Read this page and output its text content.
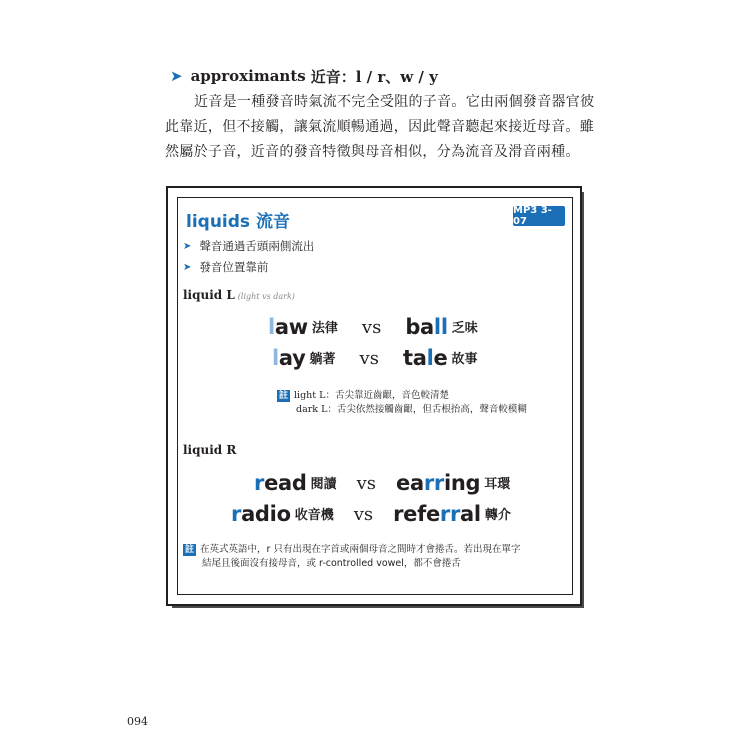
➤ approximants 近音 ：l / r、w / y
近音是一種發音時氣流不完全受阻的子音。它由兩個發音器官彼
此靠近，但不接觸，讓氣流順暢通過，因此聲音聽起來接近母音。雖
然屬於子音，近音的發音特徵與母音相似，分為流音及滑音兩種。
liquids 流音
MP3 3-07
➤ 聲音通過舌頭兩側流出
➤ 發音位置靠前
liquid L (light vs dark)
law 法律 vs ball 乏味
lay 躺著 vs tale 故事
註 light L：舌尖靠近齒齦，音色較清楚
dark L：舌尖依然接觸齒齦，但舌根抬高，聲音較模糊
liquid R
read 閱讀 vs earring 耳環
radio 收音機 vs referral 轉介
註 在英式英語中，r 只有出現在字首或兩個母音之間時才會捲舌。若出現在單字
結尾且後面沒有接母音，或 r-controlled vowel，都不會捲舌
094
